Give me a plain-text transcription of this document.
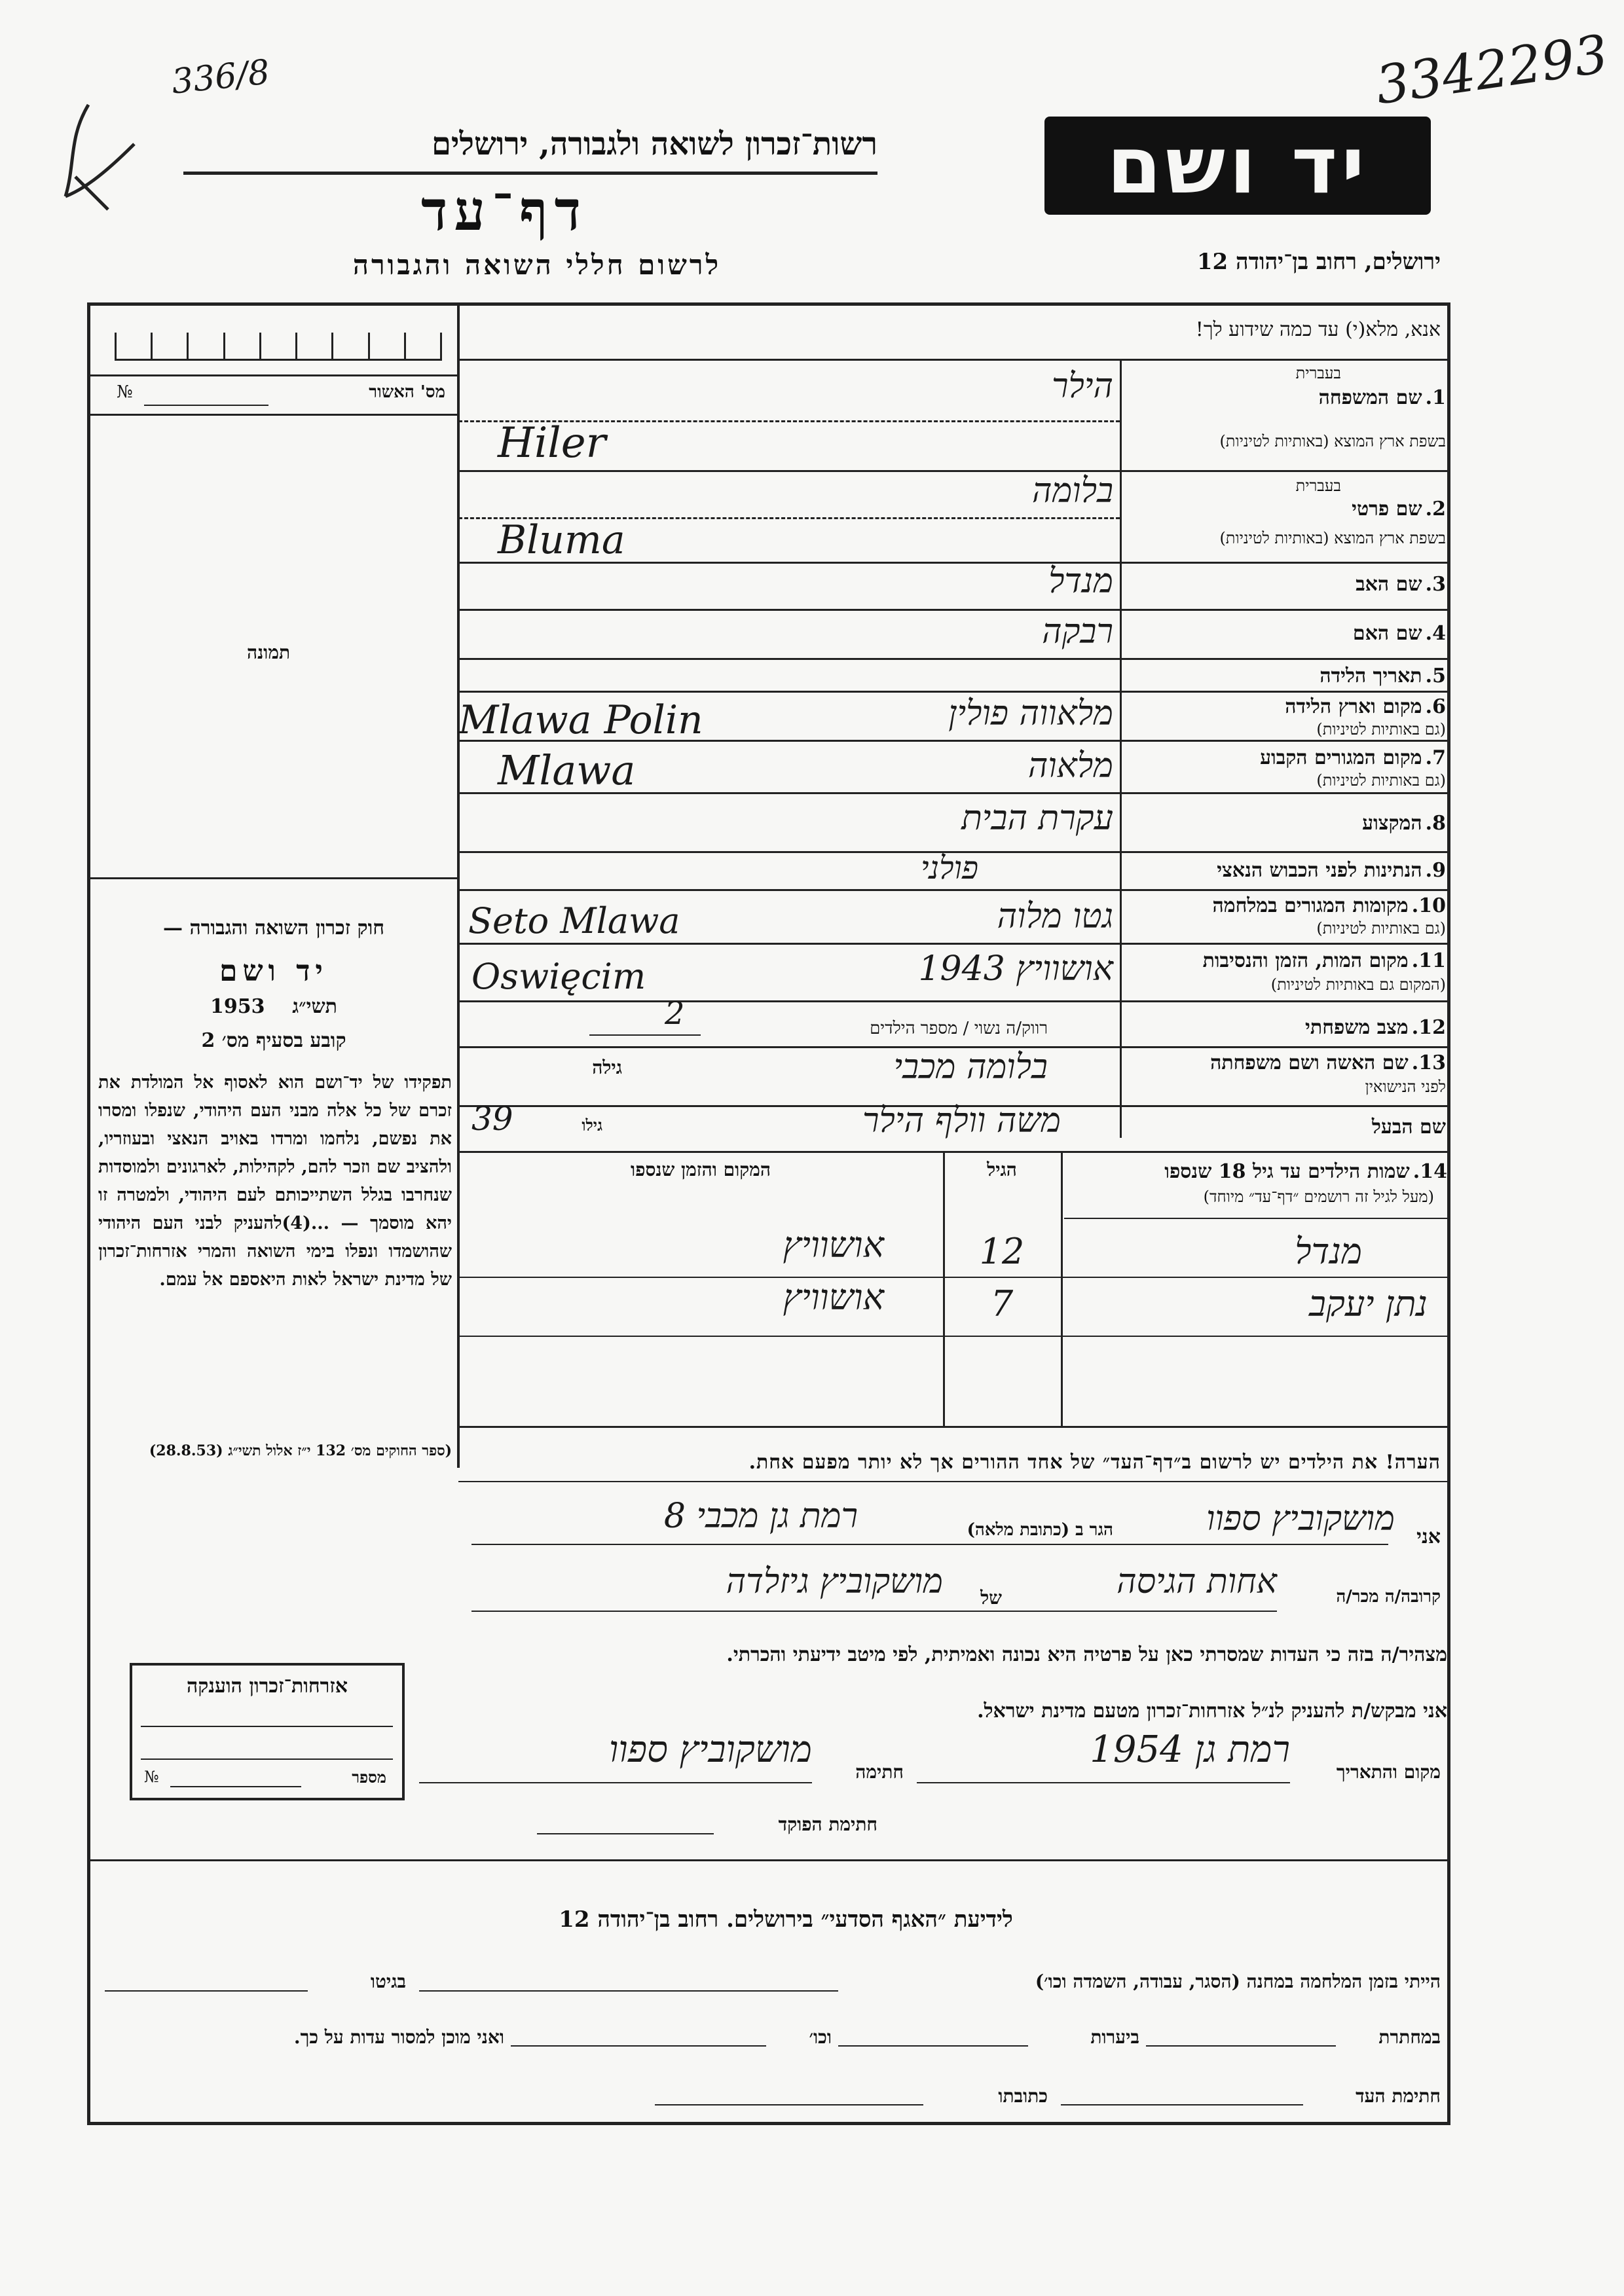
336/8	3342293
יד ושם
רשות־זכרון לשואה ולגבורה, ירושלים
דף־עד
לרשום חללי השואה והגבורה	ירושלים, רחוב בן־יהודה 12
אנא, מלא(י) עד כמה שידוע לך!
מס' האשור
№
תמונה
חוק זכרון השואה והגבורה —
יד ושם
1953 תשי״ג
קובע בסעיף מס׳ 2
תפקידו של יד־ושם הוא לאסוף אל המולדת את זכרם של כל אלה מבני העם היהודי, שנפלו ומסרו את נפשם, נלחמו ומרדו באויב הנאצי ובעוזריו, ולהציב שם וזכר להם, לקהילות, לארגונים ולמוסדות שנחרבו בגלל השתייכותם לעם היהודי, ולמטרה זו יהא מוסמך — ...(4)להעניק לבני העם היהודי שהושמדו ונפלו בימי השואה והמרי אזרחות־זכרון של מדינת ישראל לאות היאספם אל עמם.
(ספר החוקים מס׳ 132 י״ז אלול תשי״ג (28.8.53)
1. שם המשפחה
בעברית
בשפת ארץ המוצא (באותיות לטיניות)
הילר
Hiler
2. שם פרטי
בעברית
בשפת ארץ המוצא (באותיות לטיניות)
בלומה
Bluma
3. שם האב
מנדל
4. שם האם
רבקה
5. תאריך הלידה
6. מקום וארץ הלידה
(גם באותיות לטיניות)
מלאווה פולין
Mlawa Polin
7. מקום המגורים הקבוע
(גם באותיות לטיניות)
מלאוה
Mlawa
8. המקצוע
עקרת הבית
9. הנתינות לפני הכבוש הנאצי
פולני
10. מקומות המגורים במלחמה
(גם באותיות לטיניות)
גטו מלוה
Seto Mlawa
11. מקום המות, הזמן והנסיבות
(המקום גם באותיות לטיניות)
אושוויץ 1943
Oswięcim
12. מצב משפחתי
רווק/ה נשוי / מספר הילדים
2
13. שם האשה ושם משפחתה
לפני הנישואין
בלומה מכבי
גילה
שם הבעל
משה וולף הילר
גילו
39
14. שמות הילדים עד גיל 18 שנספו
(מעל לגיל זה רושמים ״דף־עד״ מיוחד)
הגיל
המקום והזמן שנספו
מנדל
12
אושוויץ
נתן יעקב
7
אושוויץ
הערה! את הילדים יש לרשום ב״דף־העד״ של אחד ההורים אך לא יותר מפעם אחת.
אני
מושקוביץ ספוו
הגר ב (כתובת מלאה)
רמת גן מכבי 8
קרובה/ה מכר/ה
אחות הגיסה
של
מושקוביץ גיזלדה
מצהיר/ה בזה כי העדות שמסרתי כאן על פרטיה היא נכונה ואמיתית, לפי מיטב ידיעתי והכרתי.
אני מבקש/ת להעניק לנ״ל אזרחות־זכרון מטעם מדינת ישראל.
מקום והתאריך
רמת גן 1954
חתימה
מושקוביץ ספוו
חתימת הפוקד
אזרחות־זכרון הוענקה
מספר
№
לידיעת ״האגף הסדעי״ בירושלים. רחוב בן־יהודה 12
הייתי בזמן המלחמה במחנה (הסגר, עבודה, השמדה וכו׳)
בגיטו
במחתרת
ביערות
וכו׳
ואני מוכן למסור עדות על כך.
חתימת העד
כתובתו
